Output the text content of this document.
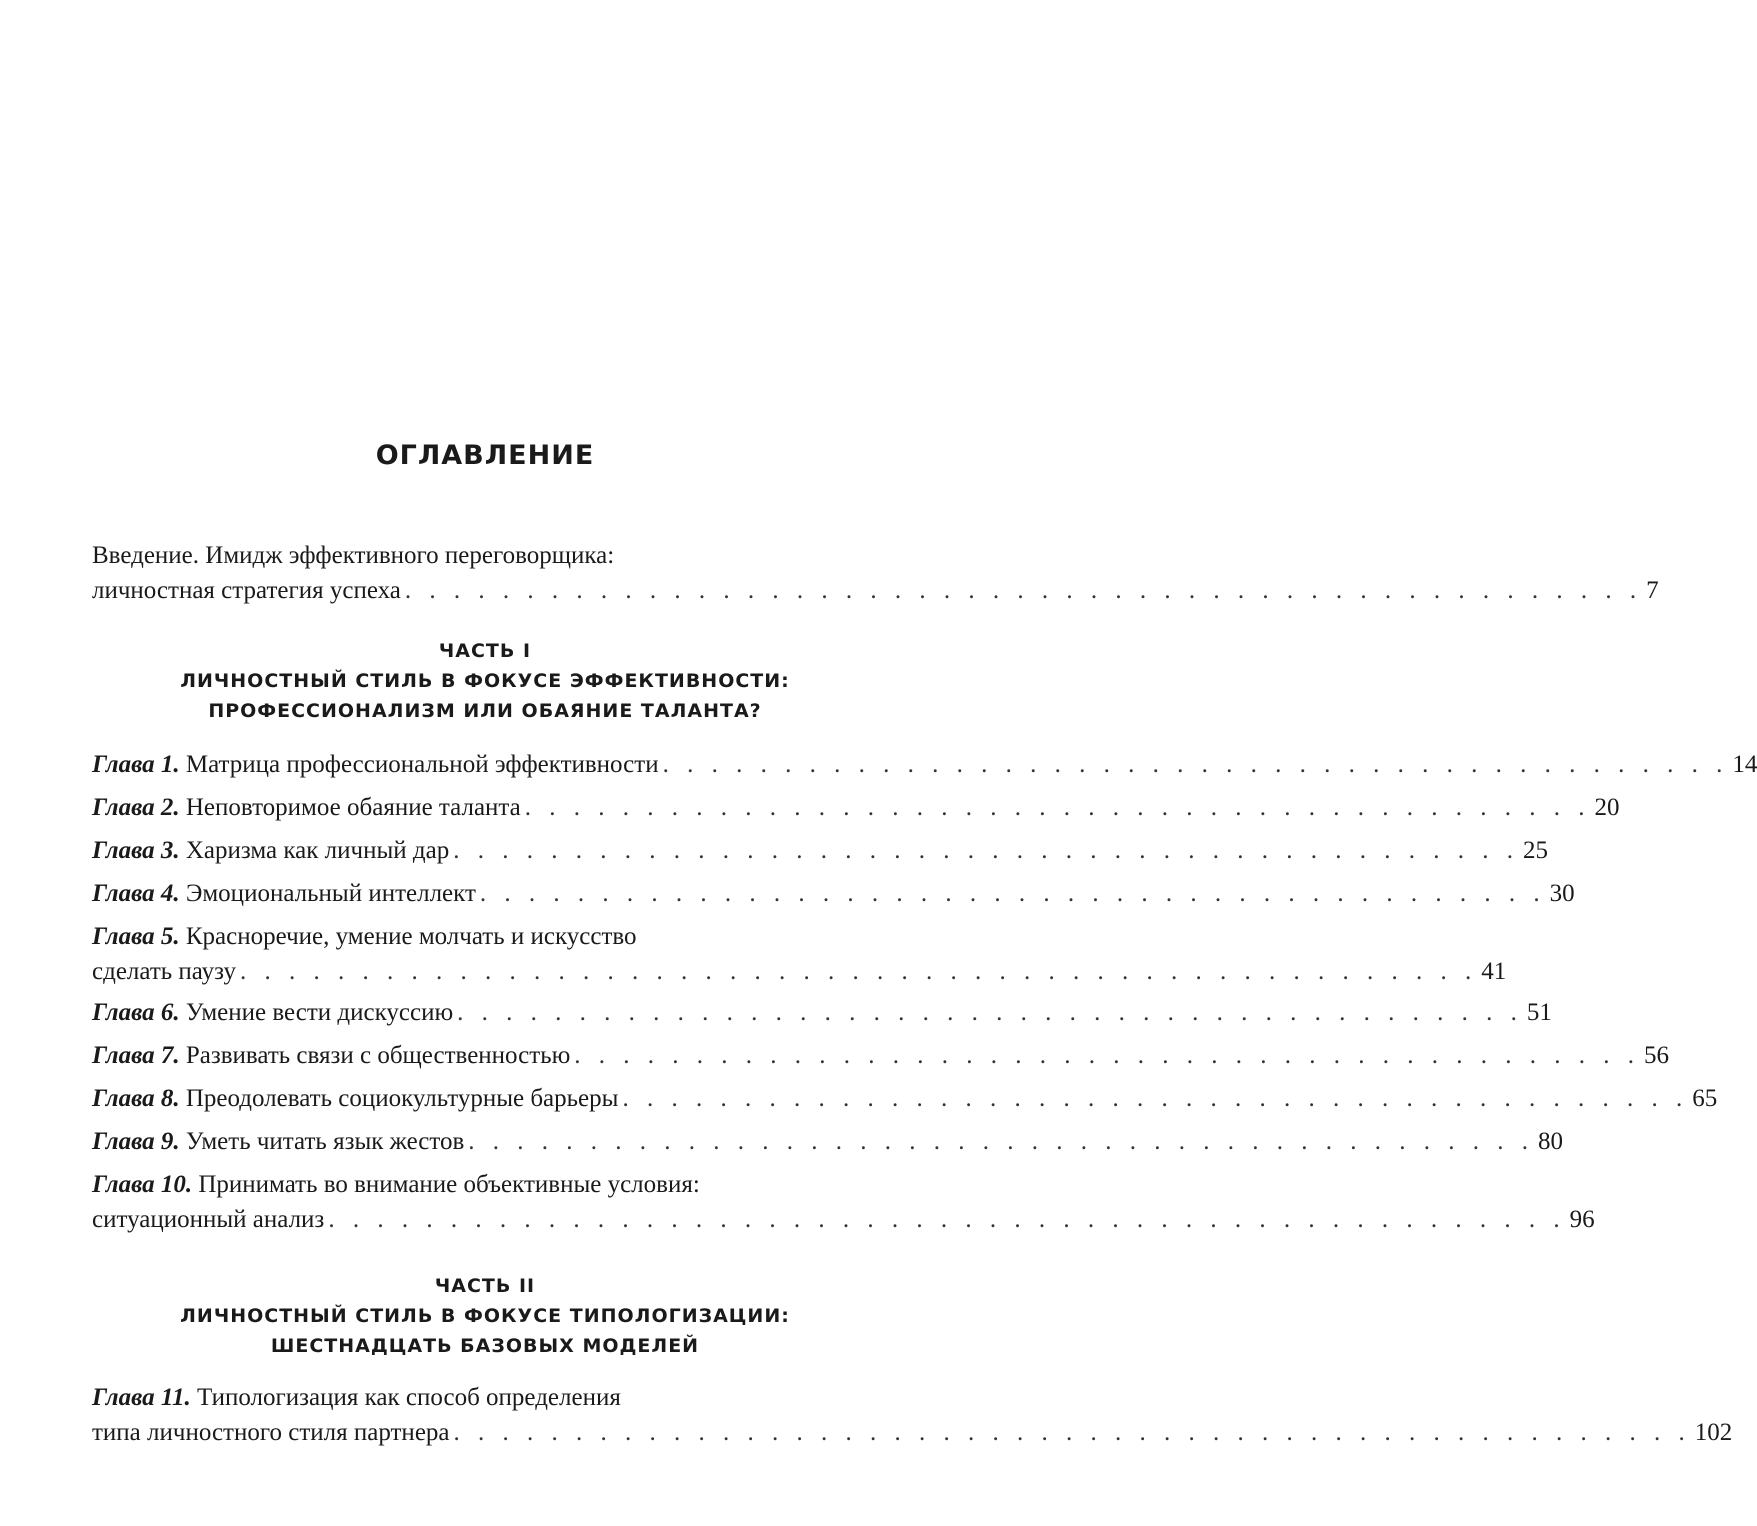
ОГЛАВЛЕНИЕ
Введение. Имидж эффективного переговорщика:
личностная стратегия успеха . . . . . . . . . . . . . . . . . . . . . . . . . . . . . . . . . . . . . . . . . . . . . . . . . . . 7
ЧАСТЬ I
ЛИЧНОСТНЫЙ СТИЛЬ В ФОКУСЕ ЭФФЕКТИВНОСТИ:
ПРОФЕССИОНАЛИЗМ ИЛИ ОБАЯНИЕ ТАЛАНТА?
Глава 1. Матрица профессиональной эффективности . . . . . . . . . . . . . . . . . . . . . . . . . . . . . . . . . . . . . . . . . . . . 14
Глава 2. Неповторимое обаяние таланта . . . . . . . . . . . . . . . . . . . . . . . . . . . . . . . . . . . . . . . . . . . . 20
Глава 3. Харизма как личный дар . . . . . . . . . . . . . . . . . . . . . . . . . . . . . . . . . . . . . . . . . . . . 25
Глава 4. Эмоциональный интеллект . . . . . . . . . . . . . . . . . . . . . . . . . . . . . . . . . . . . . . . . . . . . 30
Глава 5. Красноречие, умение молчать и искусство
сделать паузу . . . . . . . . . . . . . . . . . . . . . . . . . . . . . . . . . . . . . . . . . . . . . . . . . . . 41
Глава 6. Умение вести дискуссию . . . . . . . . . . . . . . . . . . . . . . . . . . . . . . . . . . . . . . . . . . . . 51
Глава 7. Развивать связи с общественностью . . . . . . . . . . . . . . . . . . . . . . . . . . . . . . . . . . . . . . . . . . . . 56
Глава 8. Преодолевать социокультурные барьеры . . . . . . . . . . . . . . . . . . . . . . . . . . . . . . . . . . . . . . . . . . . . 65
Глава 9. Уметь читать язык жестов . . . . . . . . . . . . . . . . . . . . . . . . . . . . . . . . . . . . . . . . . . . . 80
Глава 10. Принимать во внимание объективные условия:
ситуационный анализ . . . . . . . . . . . . . . . . . . . . . . . . . . . . . . . . . . . . . . . . . . . . . . . . . . . 96
ЧАСТЬ II
ЛИЧНОСТНЫЙ СТИЛЬ В ФОКУСЕ ТИПОЛОГИЗАЦИИ:
ШЕСТНАДЦАТЬ БАЗОВЫХ МОДЕЛЕЙ
Глава 11. Типологизация как способ определения
типа личностного стиля партнера . . . . . . . . . . . . . . . . . . . . . . . . . . . . . . . . . . . . . . . . . . . . . . . . . . . 102
